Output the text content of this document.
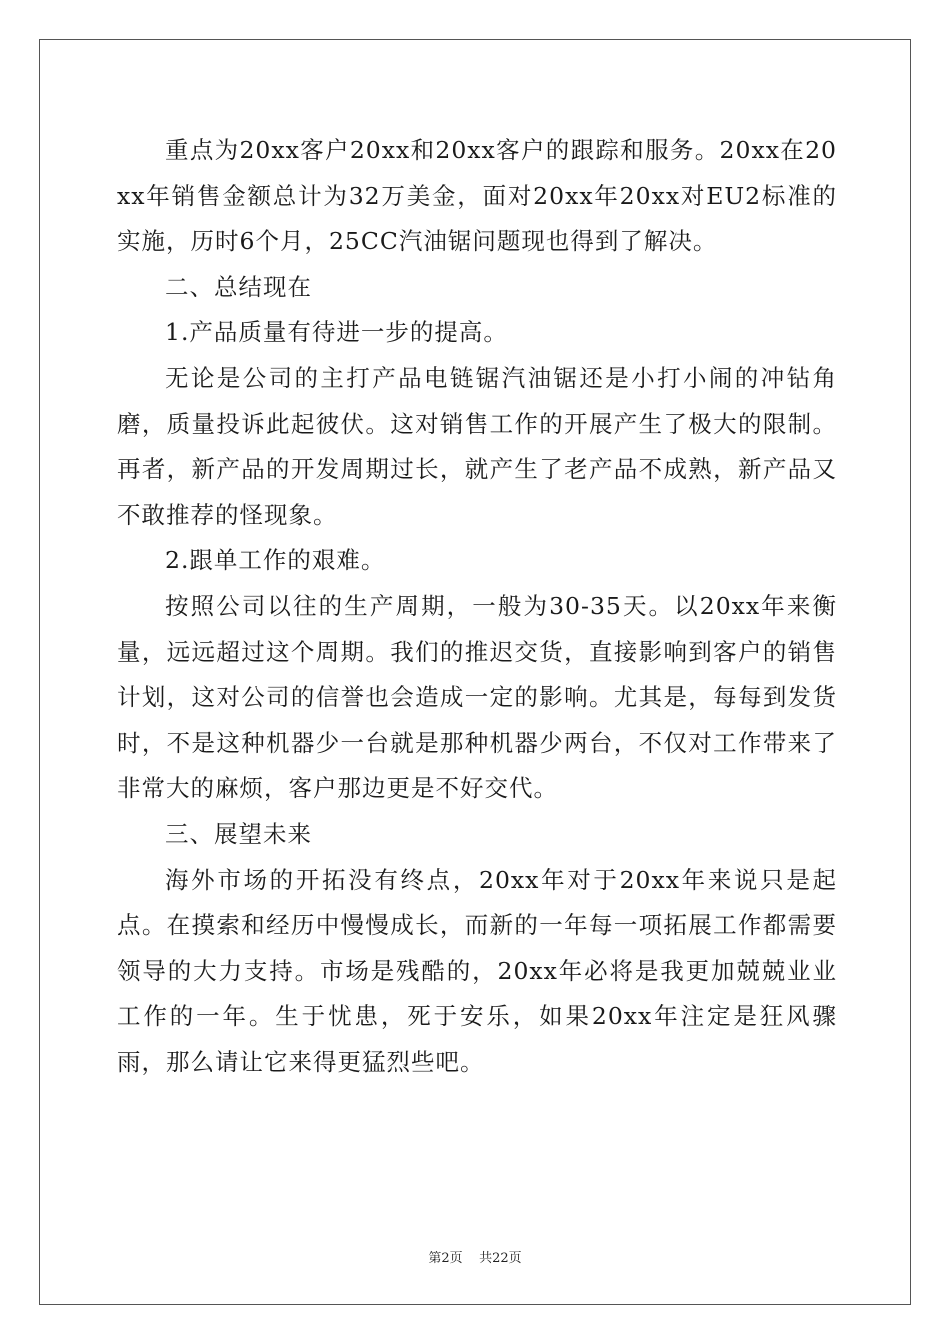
重点为20xx客户20xx和20xx客户的跟踪和服务。20xx在20xx年销售金额总计为32万美金，面对20xx年20xx对EU2标准的实施，历时6个月，25CC汽油锯问题现也得到了解决。

二、总结现在

1.产品质量有待进一步的提高。

无论是公司的主打产品电链锯汽油锯还是小打小闹的冲钻角磨，质量投诉此起彼伏。这对销售工作的开展产生了极大的限制。再者，新产品的开发周期过长，就产生了老产品不成熟，新产品又不敢推荐的怪现象。

2.跟单工作的艰难。

按照公司以往的生产周期，一般为30-35天。以20xx年来衡量，远远超过这个周期。我们的推迟交货，直接影响到客户的销售计划，这对公司的信誉也会造成一定的影响。尤其是，每每到发货时，不是这种机器少一台就是那种机器少两台，不仅对工作带来了非常大的麻烦，客户那边更是不好交代。

三、展望未来

海外市场的开拓没有终点，20xx年对于20xx年来说只是起点。在摸索和经历中慢慢成长，而新的一年每一项拓展工作都需要领导的大力支持。市场是残酷的，20xx年必将是我更加兢兢业业工作的一年。生于忧患，死于安乐，如果20xx年注定是狂风骤雨，那么请让它来得更猛烈些吧。

第2页 共22页
